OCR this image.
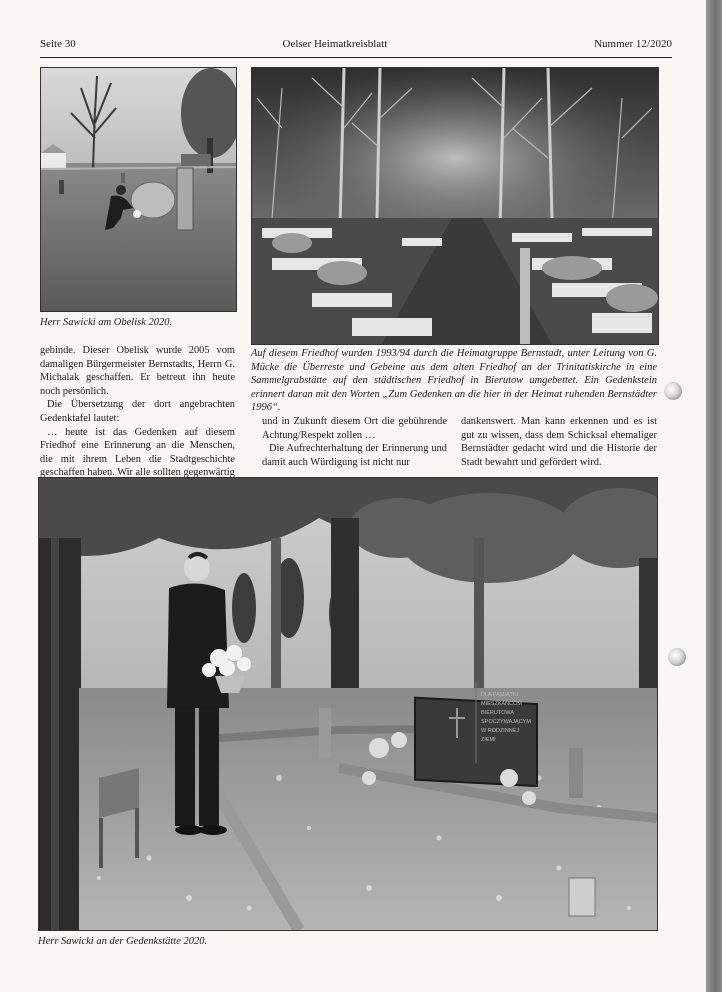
Seite 30	Oelser Heimatkreisblatt	Nummer 12/2020
Herr Sawicki am Obelisk 2020.
Auf diesem Friedhof wurden 1993/94 durch die Heimatgruppe Bernstadt, unter Leitung von G. Mücke die Überreste und Gebeine aus dem alten Friedhof an der Trinitatiskirche in eine Sammelgrabstätte auf den städtischen Friedhof in Bierutow umgebettet. Ein Gedenkstein erinnert daran mit den Worten „Zum Gedenken an die hier in der Heimat ruhenden Bernstädter 1996“.

gebinde. Dieser Obelisk wurde 2005 vom damaligen Bürgermeister Bernstadts, Herrn G. Michalak geschaffen. Er betreut ihn heute noch persönlich.

Die Übersetzung der dort angebrachten Gedenktafel lautet:

… heute ist das Gedenken auf diesem Friedhof eine Erinnerung an die Menschen, die mit ihrem Leben die Stadtgeschichte geschaffen haben. Wir alle sollten gegenwärtig

und in Zukunft diesem Ort die gebührende Achtung/Respekt zollen …

Die Aufrechterhaltung der Erinnerung und damit auch Würdigung ist nicht nur

dankenswert. Man kann erkennen und es ist gut zu wissen, dass dem Schicksal ehemaliger Bernstädter gedacht wird und die Historie der Stadt bewahrt und gefördert wird.

DLA PAMIĄTKI MIESZKAŃCOM BIERUTOWA SPOCZYWAJĄCYM W RODZINNEJ ZIEMI
Herr Sawicki an der Gedenkstätte 2020.
